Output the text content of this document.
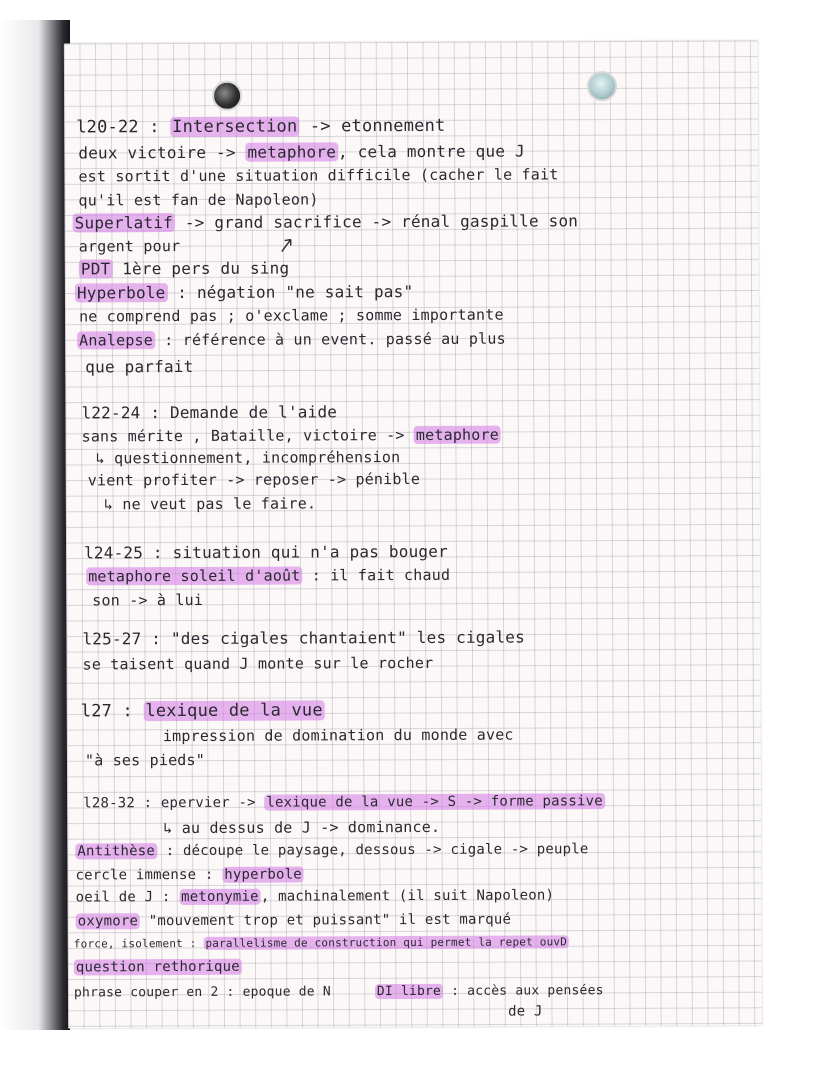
l20-22 : Intersection -> etonnement
deux victoire -> metaphore , cela montre que J
est sortit d'une situation difficile (cacher le fait
qu'il est fan de Napoleon)
Superlatif -> grand sacrifice -> rénal gaspille son
argent pour
PDT 1ère pers du sing
Hyperbole : négation "ne sait pas"
ne comprend pas ; o'exclame ; somme importante
Analepse : référence à un event. passé au plus
que parfait
l22-24 : Demande de l'aide
sans mérite , Bataille, victoire -> metaphore
↳ questionnement, incompréhension
vient profiter -> reposer -> pénible
↳ ne veut pas le faire.
l24-25 : situation qui n'a pas bouger
metaphore soleil d'août : il fait chaud
son -> à lui
l25-27 : "des cigales chantaient" les cigales
se taisent quand J monte sur le rocher
l27 : lexique de la vue
impression de domination du monde avec
"à ses pieds"
l28-32 : epervier -> lexique de la vue -> S -> forme passive
↳ au dessus de J -> dominance.
Antithèse : découpe le paysage, dessous -> cigale -> peuple
cercle immense : hyperbole
oeil de J : metonymie , machinalement (il suit Napoleon)
oxymore "mouvement trop et puissant" il est marqué
force, isolement : parallelisme de construction qui permet la repet ouvD
question rethorique
phrase couper en 2 : epoque de N	DI libre : accès aux pensées
de J
